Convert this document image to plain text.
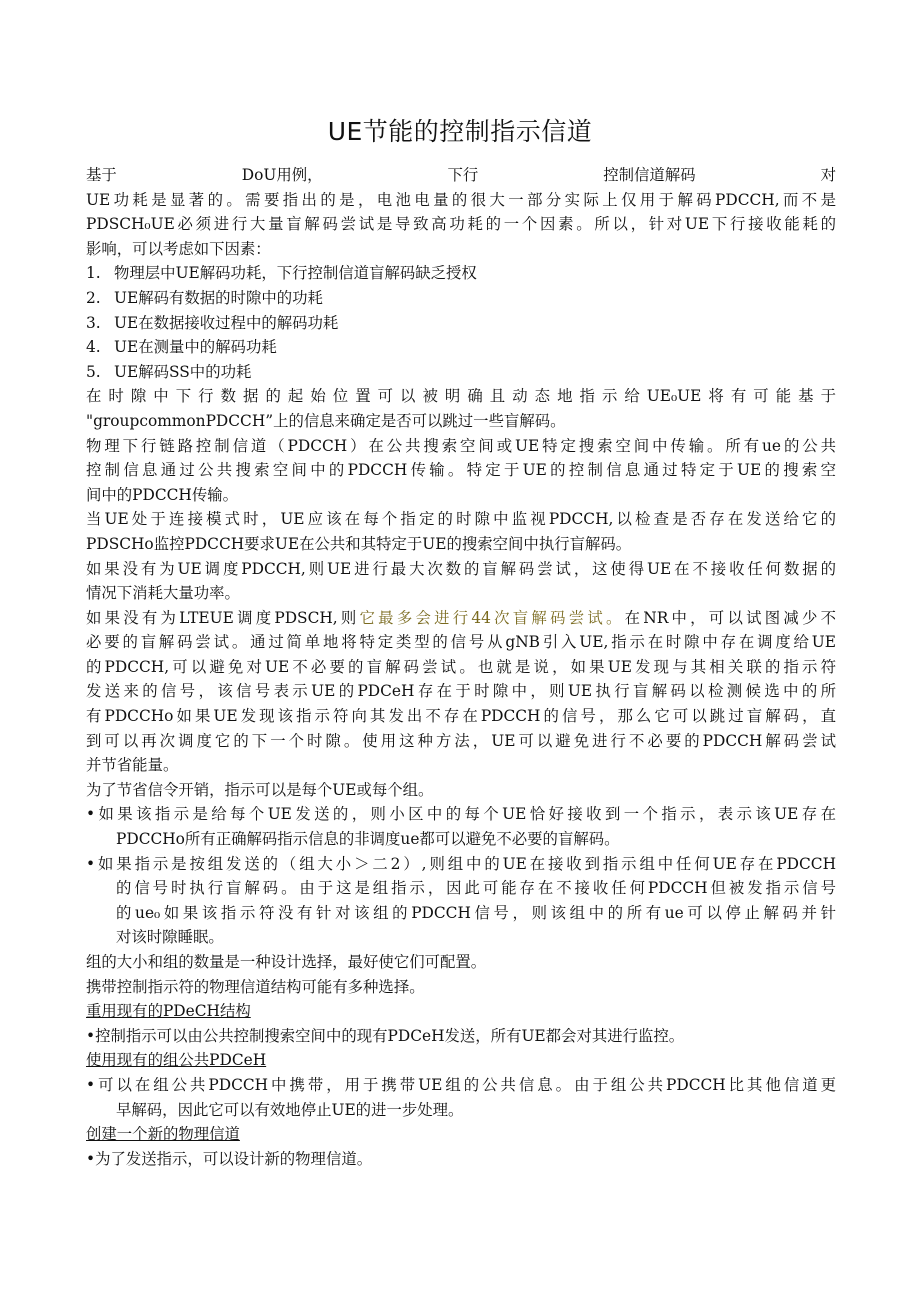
UE节能的控制指示信道
基于	DoU用例，	下行	控制信道解码	对

UE功耗是显著的。需要指出的是，电池电量的很大一部分实际上仅用于解码PDCCH,而不是

PDSCH₀UE必须进行大量盲解码尝试是导致高功耗的一个因素。所以，针对UE下行接收能耗的

影响，可以考虑如下因素：

1. 物理层中UE解码功耗，下行控制信道盲解码缺乏授权

2. UE解码有数据的时隙中的功耗

3. UE在数据接收过程中的解码功耗

4. UE在测量中的解码功耗

5. UE解码SS中的功耗

在时隙中下行数据的起始位置可以被明确且动态地指示给UE₀UE将有可能基于

"groupcommonPDCCH”上的信息来确定是否可以跳过一些盲解码。

物理下行链路控制信道（PDCCH）在公共搜索空间或UE特定搜索空间中传输。所有ue的公共

控制信息通过公共搜索空间中的PDCCH传输。特定于UE的控制信息通过特定于UE的搜索空

间中的PDCCH传输。

当UE处于连接模式时，UE应该在每个指定的时隙中监视PDCCH,以检查是否存在发送给它的

PDSCHo监控PDCCH要求UE在公共和其特定于UE的搜索空间中执行盲解码。

如果没有为UE调度PDCCH,则UE进行最大次数的盲解码尝试，这使得UE在不接收任何数据的

情况下消耗大量功率。

如果没有为LTEUE调度PDSCH,则它最多会进行44次盲解码尝试。在NR中，可以试图减少不

必要的盲解码尝试。通过简单地将特定类型的信号从gNB引入UE,指示在时隙中存在调度给UE

的PDCCH,可以避免对UE不必要的盲解码尝试。也就是说，如果UE发现与其相关联的指示符

发送来的信号，该信号表示UE的PDCeH存在于时隙中，则UE执行盲解码以检测候选中的所

有PDCCHo如果UE发现该指示符向其发出不存在PDCCH的信号，那么它可以跳过盲解码，直

到可以再次调度它的下一个时隙。使用这种方法，UE可以避免进行不必要的PDCCH解码尝试

并节省能量。

为了节省信令开销，指示可以是每个UE或每个组。

•如果该指示是给每个UE发送的，则小区中的每个UE恰好接收到一个指示，表示该UE存在

PDCCHo所有正确解码指示信息的非调度ue都可以避免不必要的盲解码。

•如果指示是按组发送的（组大小＞二2）,则组中的UE在接收到指示组中任何UE存在PDCCH

的信号时执行盲解码。由于这是组指示，因此可能存在不接收任何PDCCH但被发指示信号

的ue₀如果该指示符没有针对该组的PDCCH信号，则该组中的所有ue可以停止解码并针

对该时隙睡眠。

组的大小和组的数量是一种设计选择，最好使它们可配置。

携带控制指示符的物理信道结构可能有多种选择。

重用现有的PDeCH结构

•控制指示可以由公共控制搜索空间中的现有PDCeH发送，所有UE都会对其进行监控。

使用现有的组公共PDCeH

•可以在组公共PDCCH中携带，用于携带UE组的公共信息。由于组公共PDCCH比其他信道更

早解码，因此它可以有效地停止UE的进一步处理。

创建一个新的物理信道

•为了发送指示，可以设计新的物理信道。
